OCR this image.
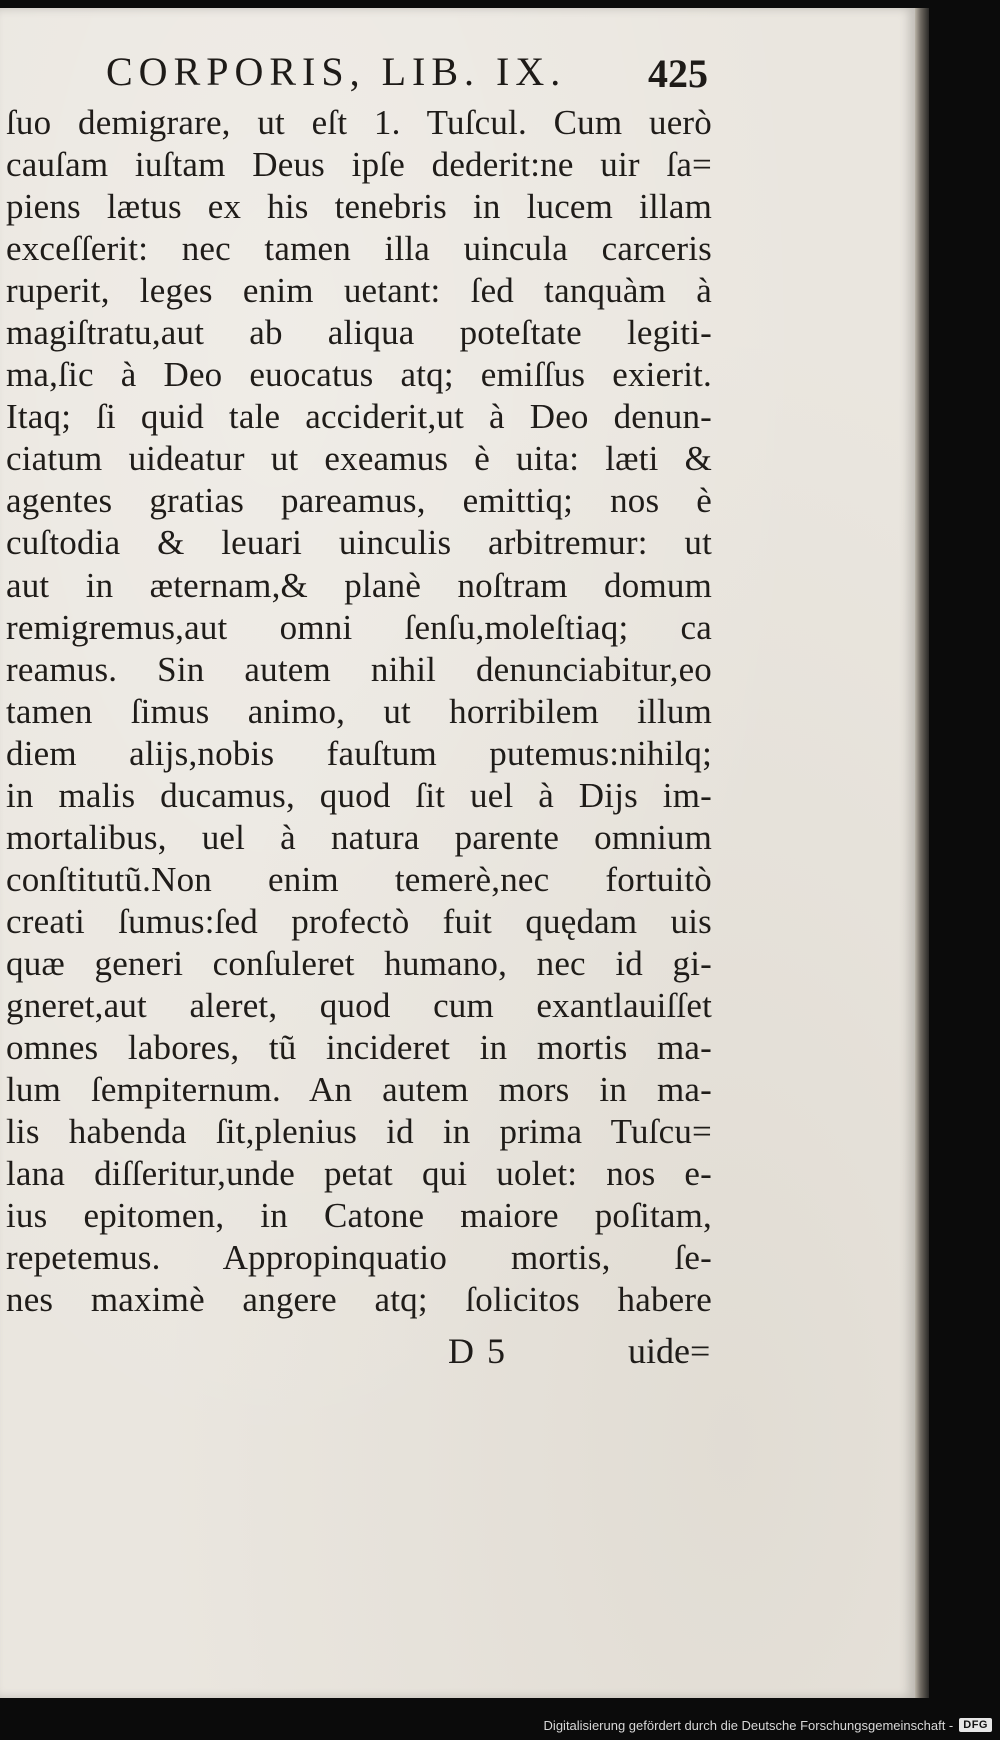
CORPORIS, LIB. IX. 425
ſuo demigrare, ut eſt 1. Tuſcul. Cum uerò
cauſam iuſtam Deus ipſe dederit:ne uir ſa=
piens lætus ex his tenebris in lucem illam
exceſſerit: nec tamen illa uincula carceris
ruperit, leges enim uetant: ſed tanquàm à
magiſtratu,aut ab aliqua poteſtate legiti-
ma,ſic à Deo euocatus atq; emiſſus exierit.
Itaq; ſi quid tale acciderit,ut à Deo denun-
ciatum uideatur ut exeamus è uita: læti &
agentes gratias pareamus, emittiq; nos è
cuſtodia & leuari uinculis arbitremur: ut
aut in æternam,& planè noſtram domum
remigremus,aut omni ſenſu,moleſtiaq; ca
reamus. Sin autem nihil denunciabitur,eo
tamen ſimus animo, ut horribilem illum
diem alijs,nobis fauſtum putemus:nihilq;
in malis ducamus, quod ſit uel à Dijs im-
mortalibus, uel à natura parente omnium
conſtitutũ.Non enim temerè,nec fortuitò
creati ſumus:ſed profectò fuit quędam uis
quæ generi conſuleret humano, nec id gi-
gneret,aut aleret, quod cum exantlauiſſet
omnes labores, tũ incideret in mortis ma-
lum ſempiternum. An autem mors in ma-
lis habenda ſit,plenius id in prima Tuſcu=
lana diſſeritur,unde petat qui uolet: nos e-
ius epitomen, in Catone maiore poſitam,
repetemus. Appropinquatio mortis, ſe-
nes maximè angere atq; ſolicitos habere
D 5	uide=
Digitalisierung gefördert durch die Deutsche Forschungsgemeinschaft - DFG
